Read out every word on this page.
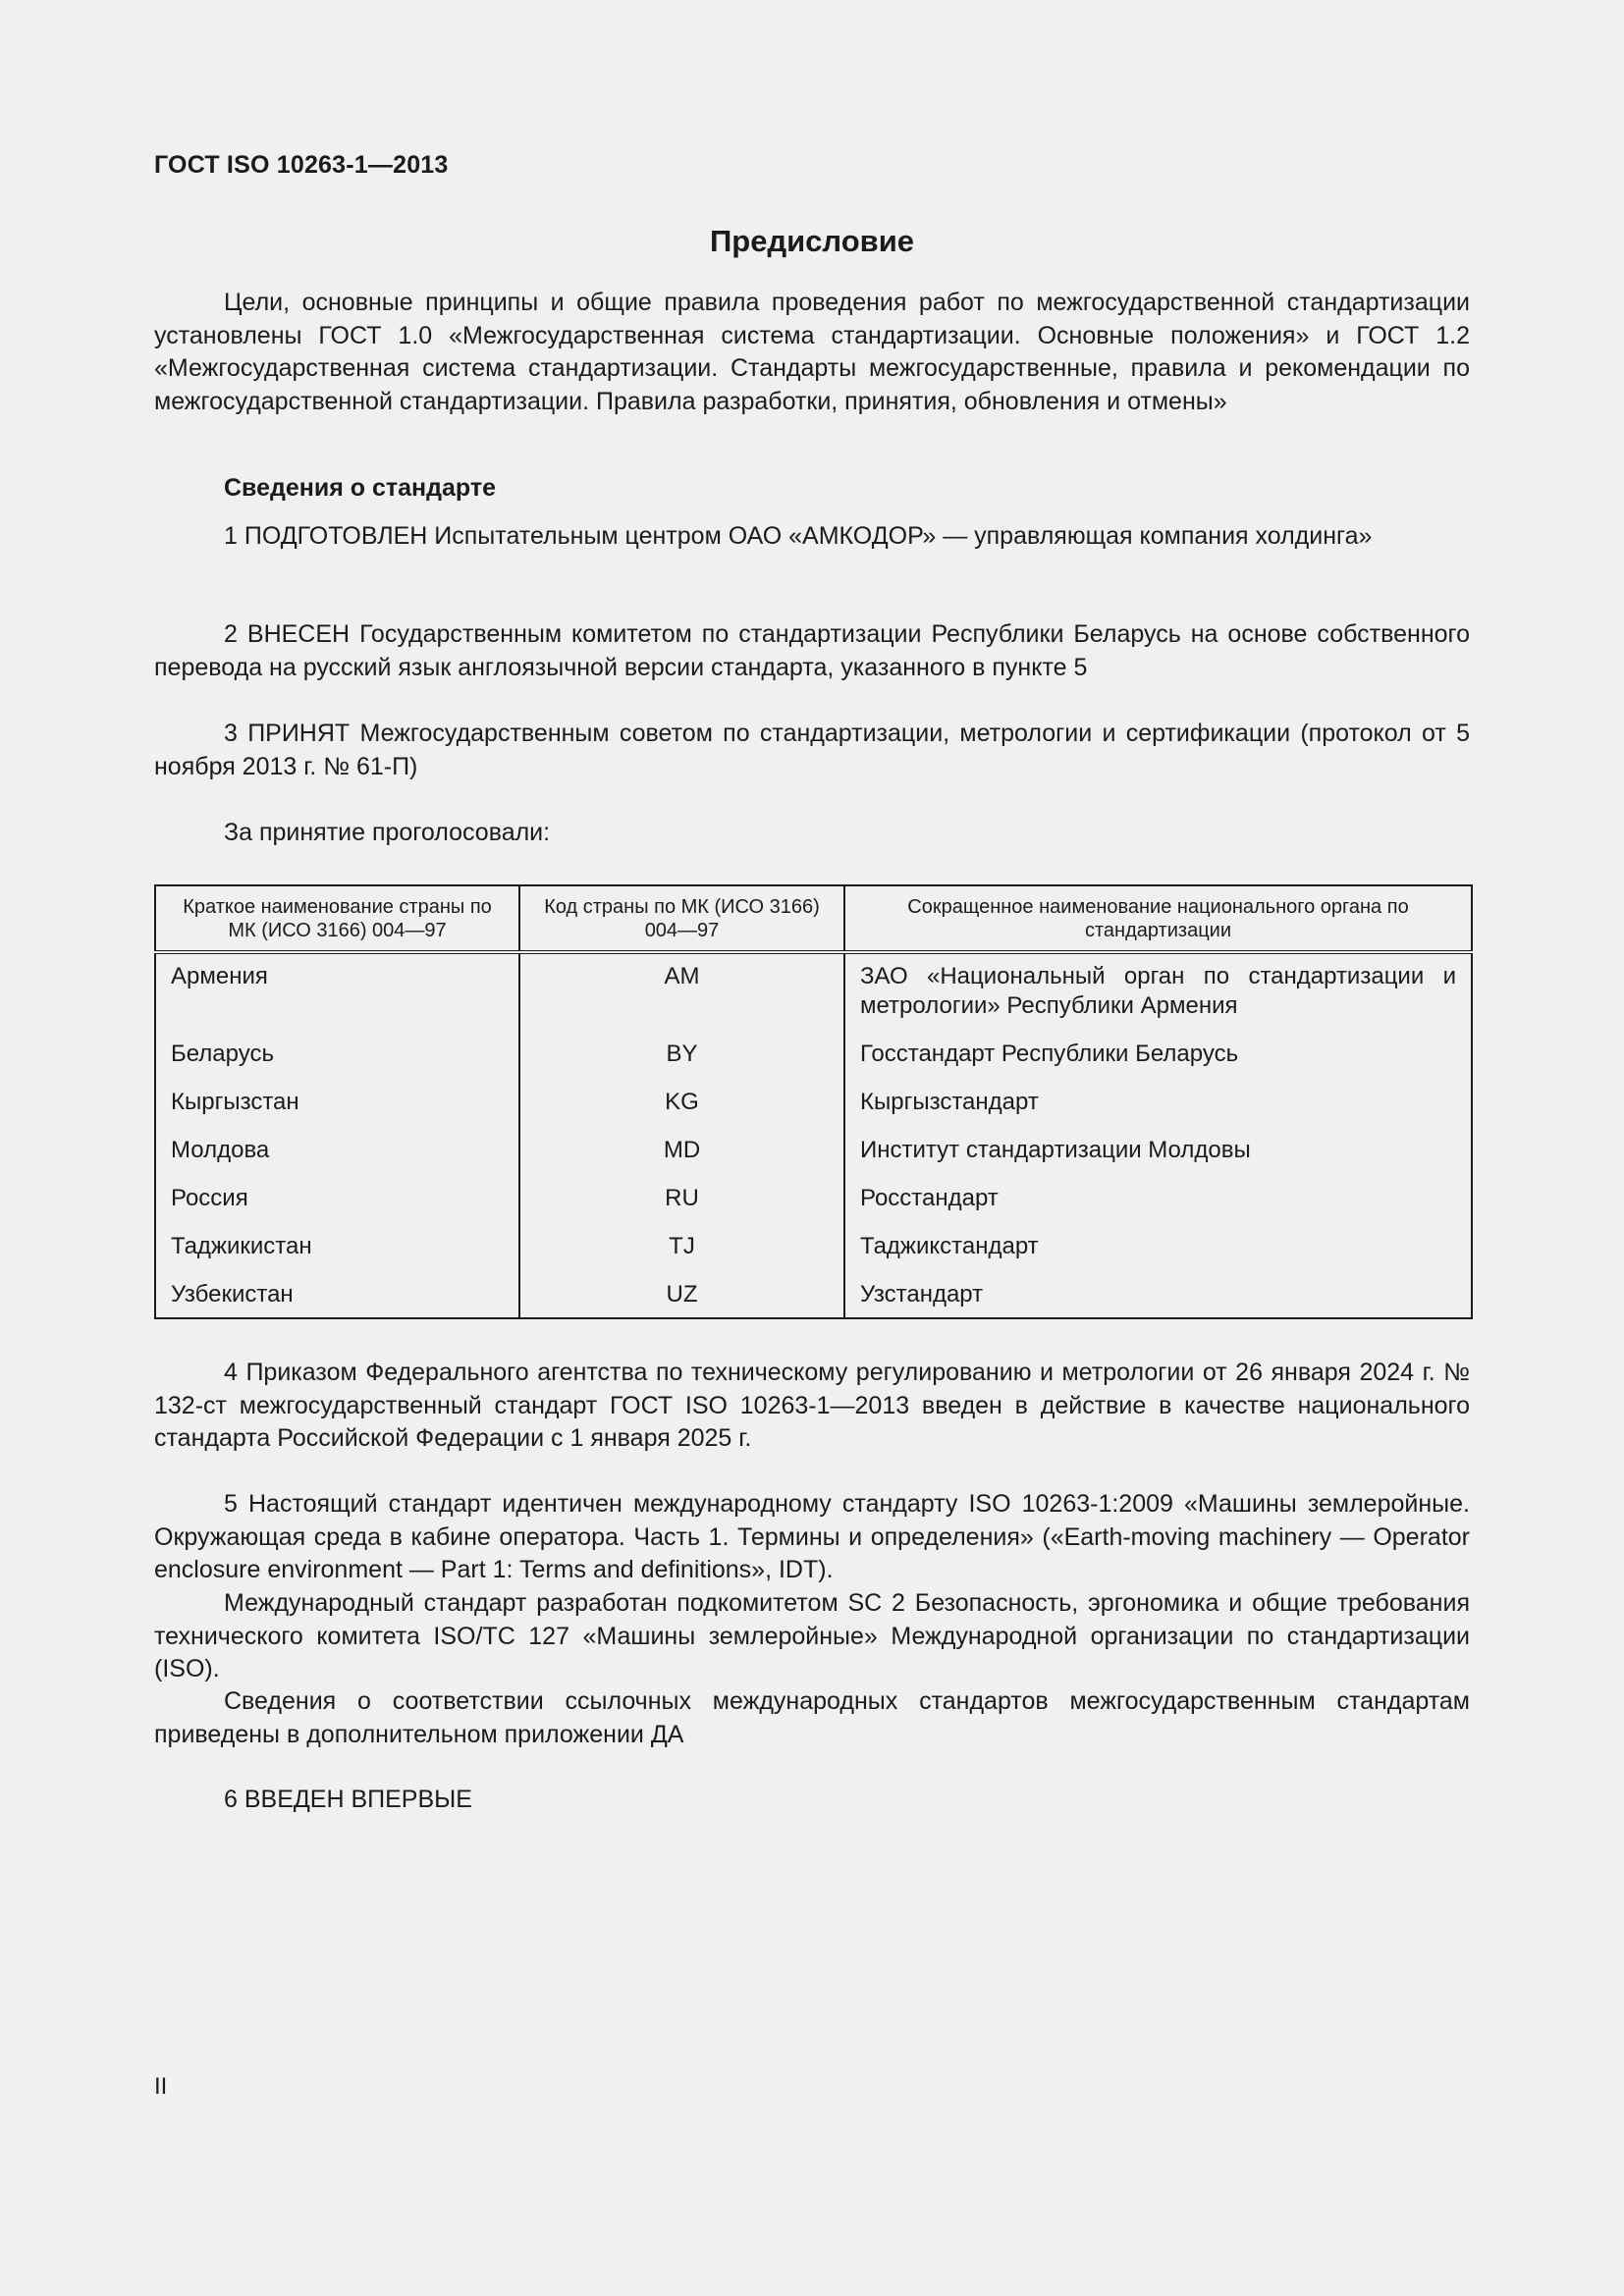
ГОСТ ISO 10263-1—2013
Предисловие

Цели, основные принципы и общие правила проведения работ по межгосударственной стандартизации установлены ГОСТ 1.0 «Межгосударственная система стандартизации. Основные положения» и ГОСТ 1.2 «Межгосударственная система стандартизации. Стандарты межгосударственные, правила и рекомендации по межгосударственной стандартизации. Правила разработки, принятия, обновления и отмены»

Сведения о стандарте

1 ПОДГОТОВЛЕН Испытательным центром ОАО «АМКОДОР» — управляющая компания холдинга»

2 ВНЕСЕН Государственным комитетом по стандартизации Республики Беларусь на основе собственного перевода на русский язык англоязычной версии стандарта, указанного в пункте 5

3 ПРИНЯТ Межгосударственным советом по стандартизации, метрологии и сертификации (протокол от 5 ноября 2013 г. № 61-П)

За принятие проголосовали:

Краткое наименование страны по МК (ИСО 3166) 004—97	Код страны по МК (ИСО 3166) 004—97	Сокращенное наименование национального органа по стандартизации
Армения	AM	ЗАО «Национальный орган по стандартизации и метрологии» Республики Армения
Беларусь	BY	Госстандарт Республики Беларусь
Кыргызстан	KG	Кыргызстандарт
Молдова	MD	Институт стандартизации Молдовы
Россия	RU	Росстандарт
Таджикистан	TJ	Таджикстандарт
Узбекистан	UZ	Узстандарт

4 Приказом Федерального агентства по техническому регулированию и метрологии от 26 января 2024 г. № 132-ст межгосударственный стандарт ГОСТ ISO 10263-1—2013 введен в действие в качестве национального стандарта Российской Федерации с 1 января 2025 г.

5 Настоящий стандарт идентичен международному стандарту ISO 10263-1:2009 «Машины землеройные. Окружающая среда в кабине оператора. Часть 1. Термины и определения» («Earth-moving machinery — Operator enclosure environment — Part 1: Terms and definitions», IDT).

Международный стандарт разработан подкомитетом SC 2 Безопасность, эргономика и общие требования технического комитета ISO/TC 127 «Машины землеройные» Международной организации по стандартизации (ISO).

Сведения о соответствии ссылочных международных стандартов межгосударственным стандартам приведены в дополнительном приложении ДА

6 ВВЕДЕН ВПЕРВЫЕ

II
